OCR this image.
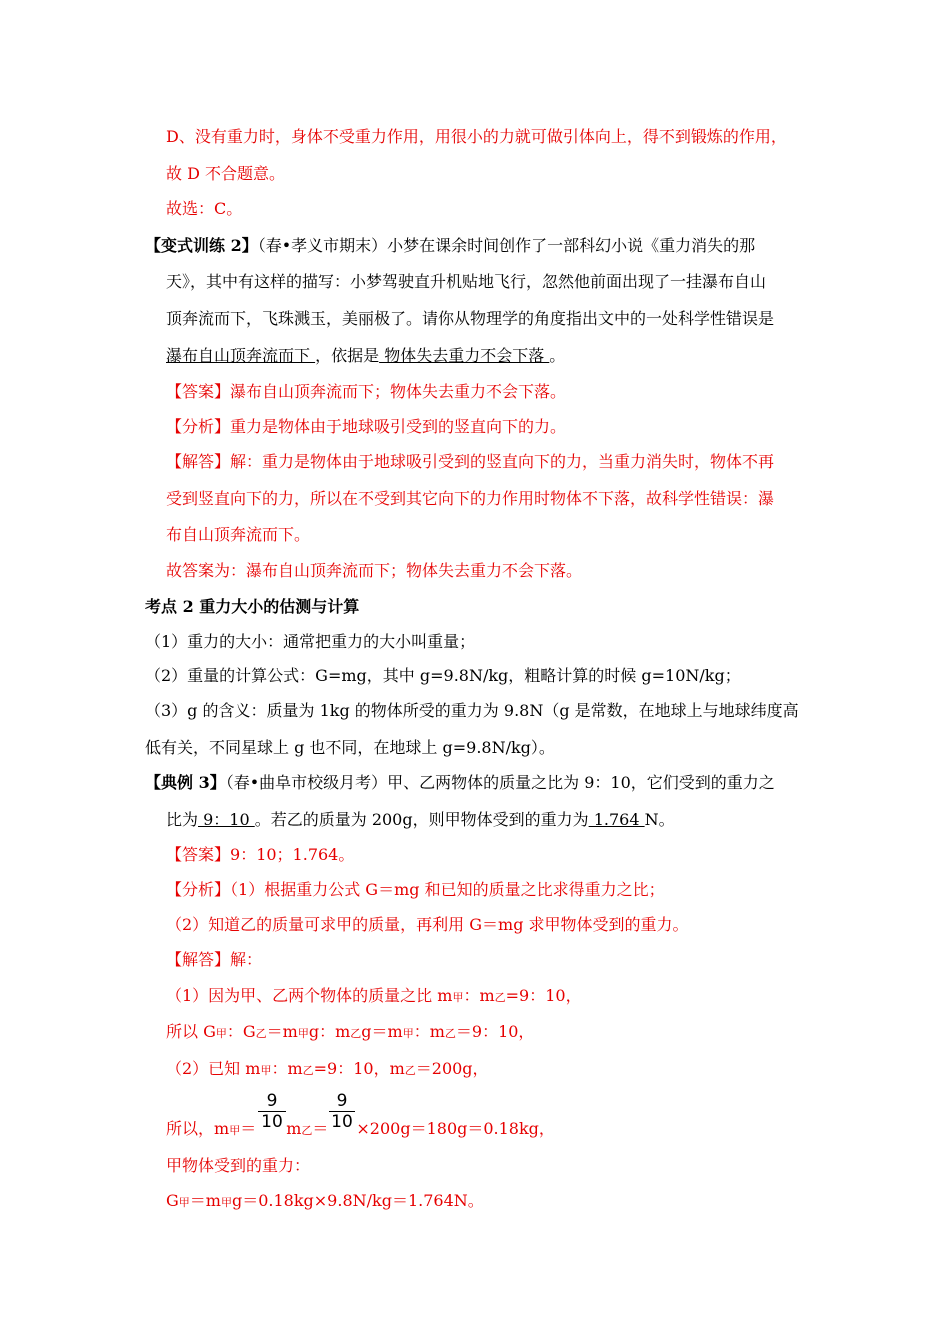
D、没有重力时，身体不受重力作用，用很小的力就可做引体向上，得不到锻炼的作用，
故 D 不合题意。
故选：C。
【变式训练 2】（春•孝义市期末）小梦在课余时间创作了一部科幻小说《重力消失的那
天》，其中有这样的描写：小梦驾驶直升机贴地飞行，忽然他前面出现了一挂瀑布自山
顶奔流而下，飞珠溅玉，美丽极了。请你从物理学的角度指出文中的一处科学性错误是
瀑布自山顶奔流而下 ，依据是 物体失去重力不会下落 。
【答案】瀑布自山顶奔流而下；物体失去重力不会下落。
【分析】重力是物体由于地球吸引受到的竖直向下的力。
【解答】解：重力是物体由于地球吸引受到的竖直向下的力，当重力消失时，物体不再
受到竖直向下的力，所以在不受到其它向下的力作用时物体不下落，故科学性错误：瀑
布自山顶奔流而下。
故答案为：瀑布自山顶奔流而下；物体失去重力不会下落。
考点 2 重力大小的估测与计算
（1）重力的大小：通常把重力的大小叫重量；
（2）重量的计算公式：G=mg，其中 g=9.8N/kg，粗略计算的时候 g=10N/kg；
（3）g 的含义：质量为 1kg 的物体所受的重力为 9.8N（g 是常数，在地球上与地球纬度高
低有关，不同星球上 g 也不同，在地球上 g=9.8N/kg）。
【典例 3】（春•曲阜市校级月考）甲、乙两物体的质量之比为 9：10，它们受到的重力之
比为 9：10 。若乙的质量为 200g，则甲物体受到的重力为 1.764 N。
【答案】9：10；1.764。
【分析】（1）根据重力公式 G＝mg 和已知的质量之比求得重力之比；
（2）知道乙的质量可求甲的质量，再利用 G＝mg 求甲物体受到的重力。
【解答】解：
（1）因为甲、乙两个物体的质量之比 m甲：m乙=9：10，
所以 G甲：G乙＝m甲g：m乙g＝m甲：m乙＝9：10，
（2）已知 m甲：m乙=9：10，m乙＝200g，
所以，m甲＝ m乙＝ ×200g＝180g＝0.18kg，
9
10
9
10
甲物体受到的重力：
G甲＝m甲g＝0.18kg×9.8N/kg＝1.764N。
